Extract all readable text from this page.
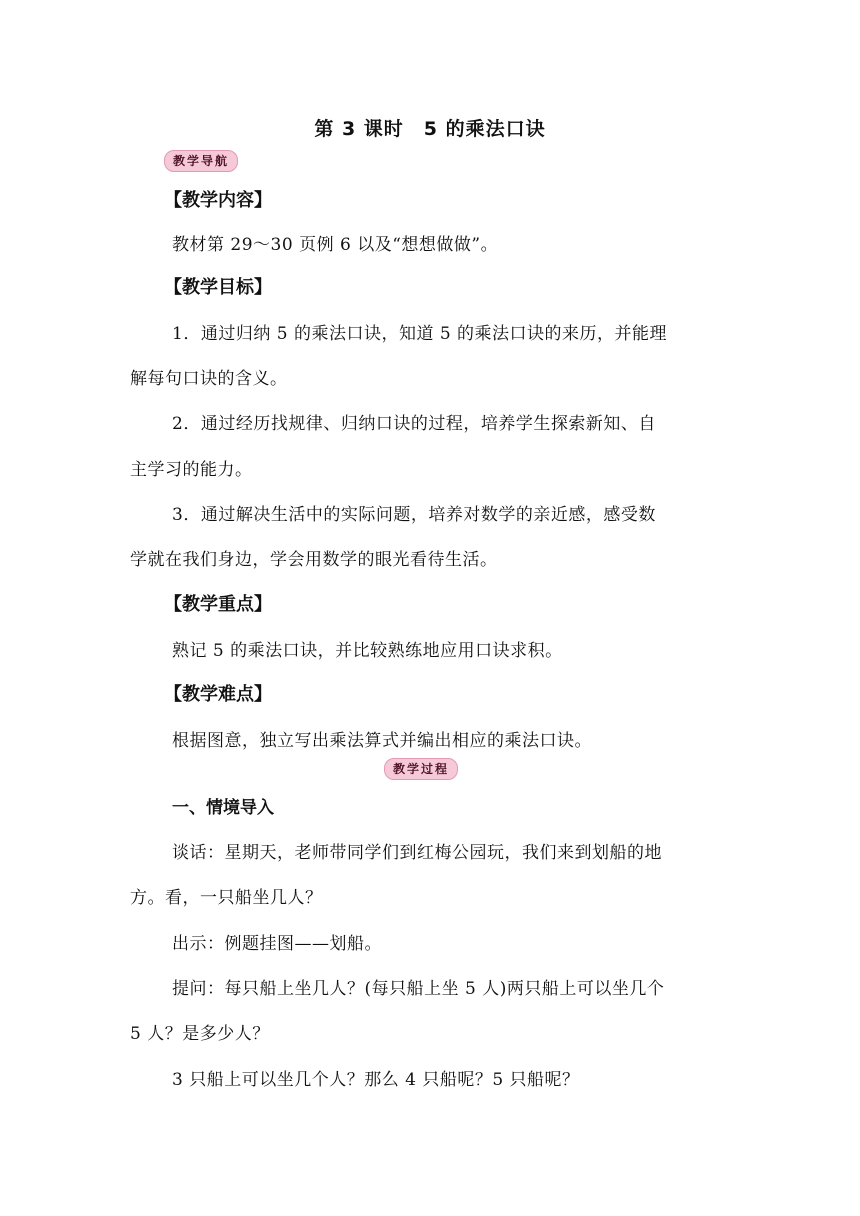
第 3 课时　5 的乘法口诀
教学导航
【教学内容】
教材第 29～30 页例 6 以及“想想做做”。
【教学目标】
1．通过归纳 5 的乘法口诀，知道 5 的乘法口诀的来历，并能理
解每句口诀的含义。
2．通过经历找规律、归纳口诀的过程，培养学生探索新知、自
主学习的能力。
3．通过解决生活中的实际问题，培养对数学的亲近感，感受数
学就在我们身边，学会用数学的眼光看待生活。
【教学重点】
熟记 5 的乘法口诀，并比较熟练地应用口诀求积。
【教学难点】
根据图意，独立写出乘法算式并编出相应的乘法口诀。
教学过程
一、情境导入
谈话：星期天，老师带同学们到红梅公园玩，我们来到划船的地
方。看，一只船坐几人？
出示：例题挂图——划船。
提问：每只船上坐几人？(每只船上坐 5 人)两只船上可以坐几个
5 人？是多少人？
3 只船上可以坐几个人？那么 4 只船呢？5 只船呢？
